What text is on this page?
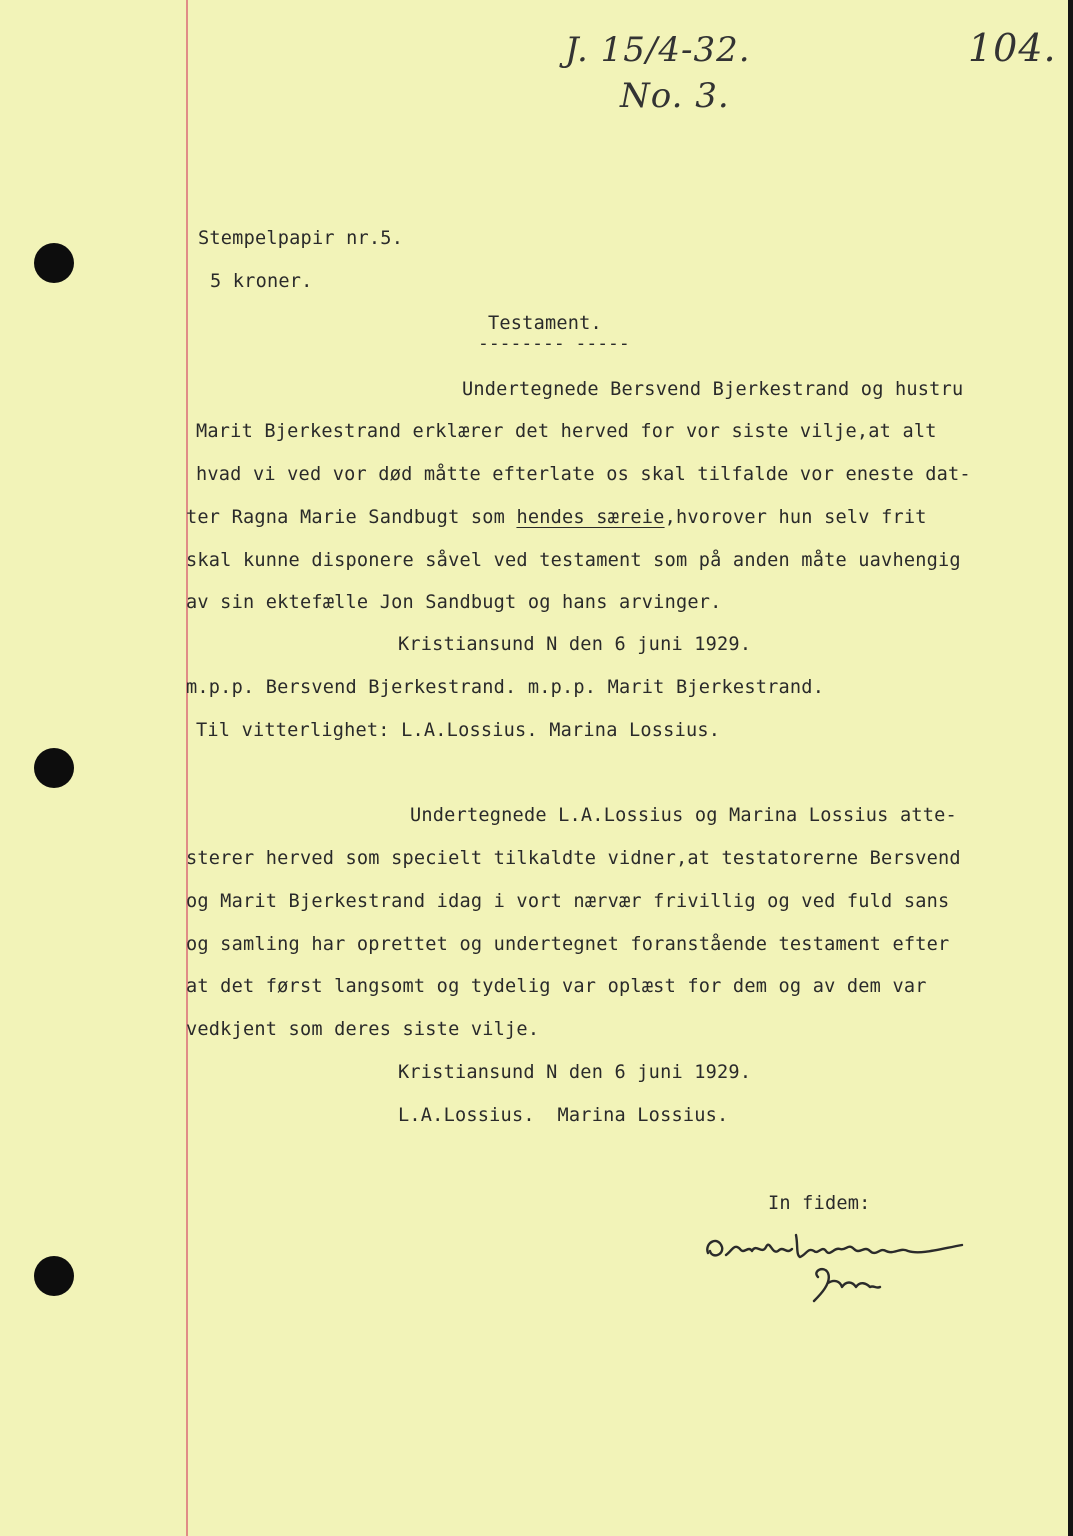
J. 15/4-32.	104.
No. 3.
Stempelpapir nr.5.
5 kroner.
Testament.
-------- -----
Undertegnede Bersvend Bjerkestrand og hustru
Marit Bjerkestrand erklærer det herved for vor siste vilje,at alt
hvad vi ved vor død måtte efterlate os skal tilfalde vor eneste dat-
ter Ragna Marie Sandbugt som hendes særeie,hvorover hun selv frit
skal kunne disponere såvel ved testament som på anden måte uavhengig
av sin ektefælle Jon Sandbugt og hans arvinger.
Kristiansund N den 6 juni 1929.
m.p.p. Bersvend Bjerkestrand. m.p.p. Marit Bjerkestrand.
Til vitterlighet: L.A.Lossius. Marina Lossius.
Undertegnede L.A.Lossius og Marina Lossius atte-
sterer herved som specielt tilkaldte vidner,at testatorerne Bersvend
og Marit Bjerkestrand idag i vort nærvær frivillig og ved fuld sans
og samling har oprettet og undertegnet foranstående testament efter
at det først langsomt og tydelig var oplæst for dem og av dem var
vedkjent som deres siste vilje.
Kristiansund N den 6 juni 1929.
L.A.Lossius.  Marina Lossius.
In fidem:
